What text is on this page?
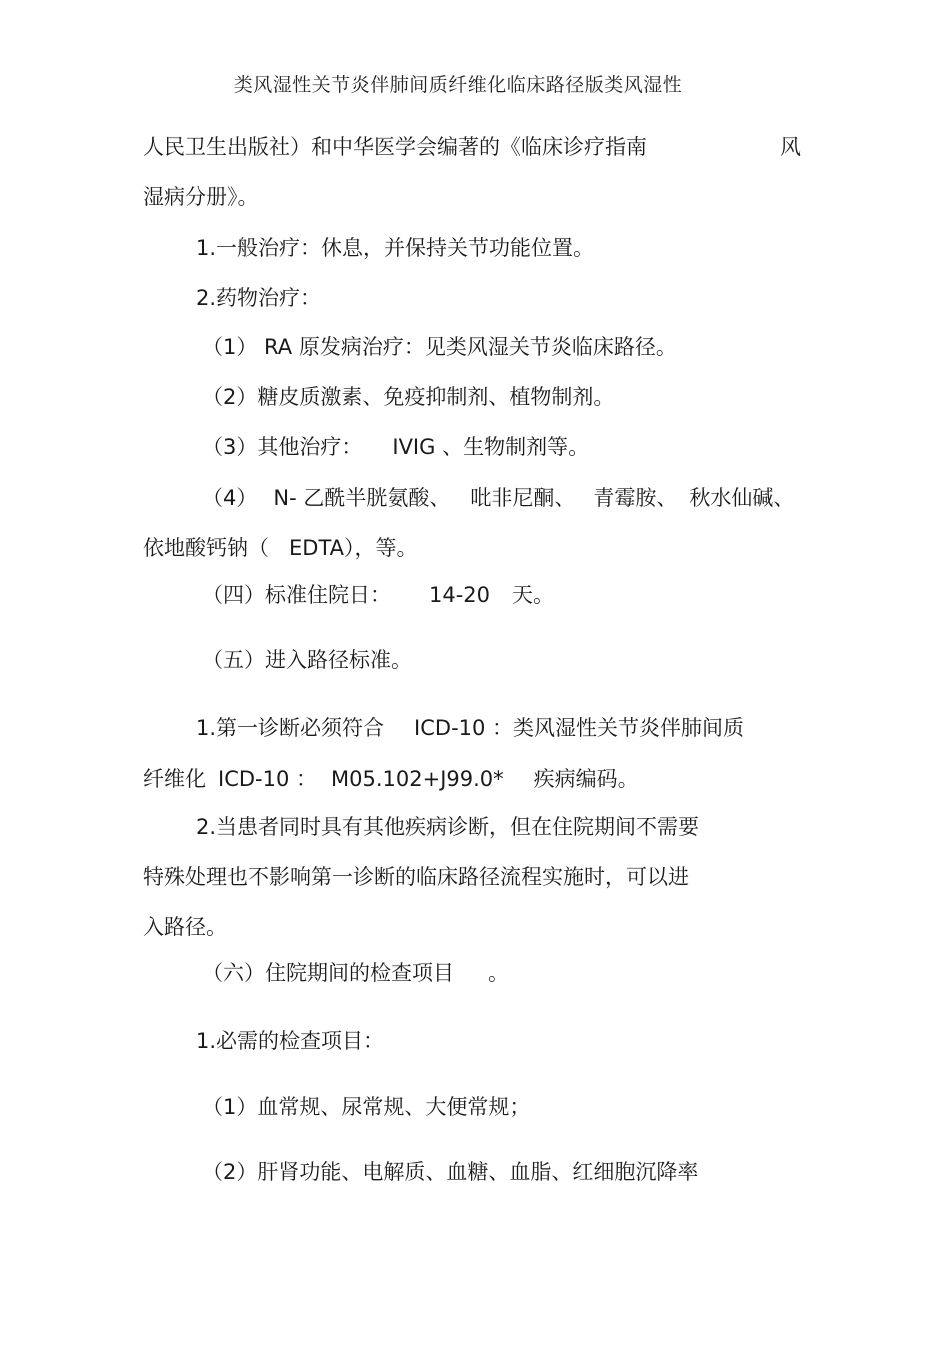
类风湿性关节炎伴肺间质纤维化临床路径版类风湿性
人民卫生出版社）和中华医学会编著的《临床诊疗指南	风
湿病分册》。
1.一般治疗：休息，并保持关节功能位置。
2.药物治疗：
（1） RA 原发病治疗：见类风湿关节炎临床路径。
（2）糖皮质激素、免疫抑制剂、植物制剂。
（3）其他治疗： IVIG 、生物制剂等。
（4） N- 乙酰半胱氨酸、 吡非尼酮、 青霉胺、 秋水仙碱、
依地酸钙钠（ EDTA），等。
（四）标准住院日： 14-20 天。
（五）进入路径标准。
1.第一诊断必须符合 ICD-10 ：类风湿性关节炎伴肺间质
纤维化 ICD-10 ： M05.102+J99.0* 疾病编码。
2.当患者同时具有其他疾病诊断，但在住院期间不需要
特殊处理也不影响第一诊断的临床路径流程实施时，可以进
入路径。
（六）住院期间的检查项目 。
1.必需的检查项目：
（1）血常规、尿常规、大便常规；
（2）肝肾功能、电解质、血糖、血脂、红细胞沉降率
